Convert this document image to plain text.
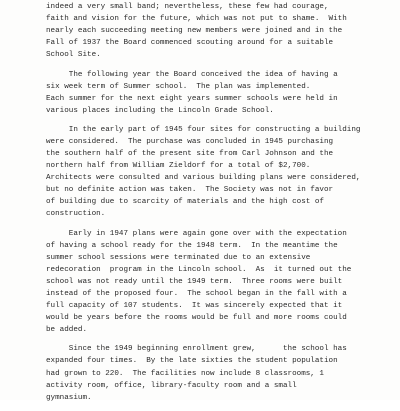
indeed a very small band; nevertheless, these few had courage,
faith and vision for the future, which was not put to shame.  With
nearly each succeeding meeting new members were joined and in the
Fall of 1937 the Board commenced scouting around for a suitable
School Site.
The following year the Board conceived the idea of having a
six week term of Summer school.  The plan was implemented.
Each summer for the next eight years summer schools were held in
various places including the Lincoln Grade School.
In the early part of 1945 four sites for constructing a building
were considered.  The purchase was concluded in 1945 purchasing
the southern half of the present site from Carl Johnson and the
northern half from William Zieldorf for a total of $2,700.
Architects were consulted and various building plans were considered,
but no definite action was taken.  The Society was not in favor
of building due to scarcity of materials and the high cost of
construction.
Early in 1947 plans were again gone over with the expectation
of having a school ready for the 1948 term.  In the meantime the
summer school sessions were terminated due to an extensive
redecoration  program in the Lincoln school.  As  it turned out the
school was not ready until the 1949 term.  Three rooms were built
instead of the proposed four.  The school began in the fall with a
full capacity of 107 students.  It was sincerely expected that it
would be years before the rooms would be full and more rooms could
be added.
Since the 1949 beginning enrollment grew,      the school has
expanded four times.  By the late sixties the student population
had grown to 220.  The facilities now include 8 classrooms, 1
activity room, office, library-faculty room and a small
gymnasium.
